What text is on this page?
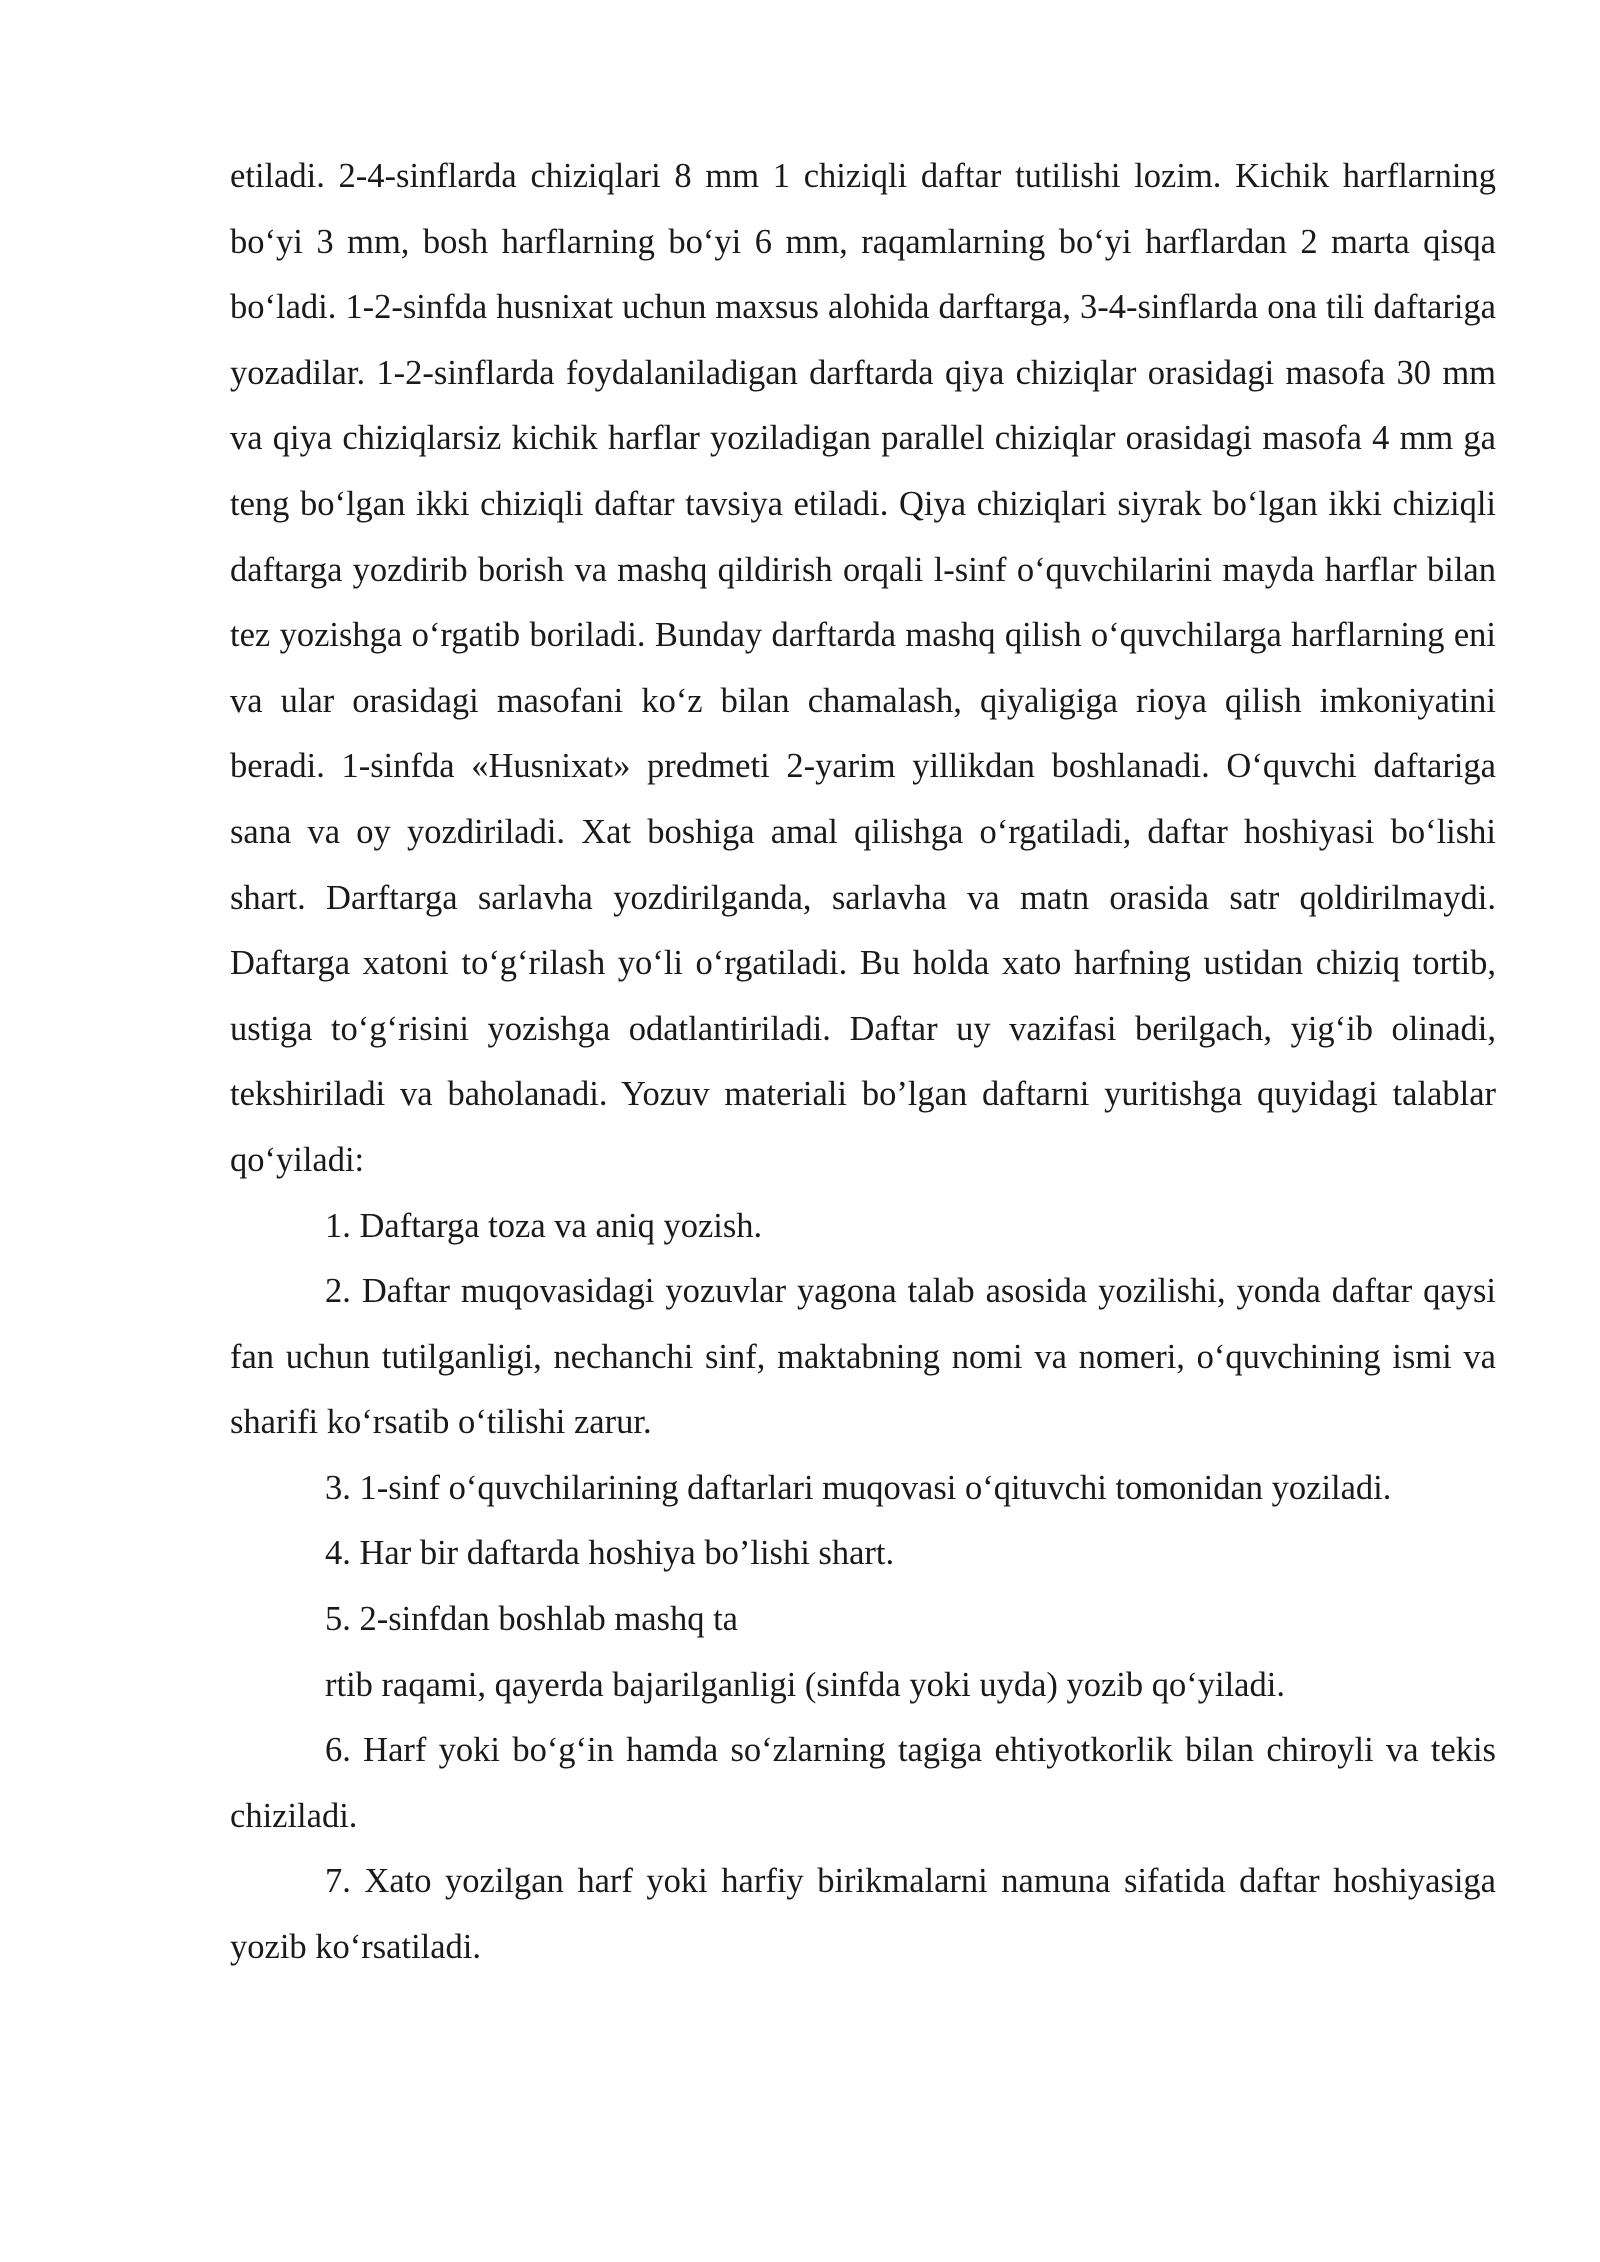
etiladi. 2-4-sinflarda chiziqlari 8 mm 1 chiziqli daftar tutilishi lozim. Kichik harflarning bo‘yi 3 mm, bosh harflarning bo‘yi 6 mm, raqamlarning bo‘yi harflardan 2 marta qisqa bo‘ladi. 1-2-sinfda husnixat uchun maxsus alohida darftarga, 3-4-sinflarda ona tili daftariga yozadilar. 1-2-sinflarda foydalaniladigan darftarda qiya chiziqlar orasidagi masofa 30 mm va qiya chiziqlarsiz kichik harflar yoziladigan parallel chiziqlar orasidagi masofa 4 mm ga teng bo‘lgan ikki chiziqli daftar tavsiya etiladi. Qiya chiziqlari siyrak bo‘lgan ikki chiziqli daftarga yozdirib borish va mashq qildirish orqali l-sinf o‘quvchilarini mayda harflar bilan tez yozishga o‘rgatib boriladi. Bunday darftarda mashq qilish o‘quvchilarga harflarning eni va ular orasidagi masofani ko‘z bilan chamalash, qiyaligiga rioya qilish imkoniyatini beradi. 1-sinfda «Husnixat» predmeti 2-yarim yillikdan boshlanadi. O‘quvchi daftariga sana va oy yozdiriladi. Xat boshiga amal qilishga o‘rgatiladi, daftar hoshiyasi bo‘lishi shart. Darftarga sarlavha yozdirilganda, sarlavha va matn orasida satr qoldirilmaydi. Daftarga xatoni to‘g‘rilash yo‘li o‘rgatiladi. Bu holda xato harfning ustidan chiziq tortib, ustiga to‘g‘risini yozishga odatlantiriladi. Daftar uy vazifasi berilgach, yig‘ib olinadi, tekshiriladi va baholanadi. Yozuv materiali bo’lgan daftarni yuritishga quyidagi talablar qo‘yiladi:

1. Daftarga toza va aniq yozish.

2. Daftar muqovasidagi yozuvlar yagona talab asosida yozilishi, yonda daftar qaysi fan uchun tutilganligi, nechanchi sinf, maktabning nomi va nomeri, o‘quvchining ismi va sharifi ko‘rsatib o‘tilishi zarur.

3. 1-sinf o‘quvchilarining daftarlari muqovasi o‘qituvchi tomonidan yoziladi.

4. Har bir daftarda hoshiya bo’lishi shart.

5. 2-sinfdan boshlab mashq ta

rtib raqami, qayerda bajarilganligi (sinfda yoki uyda) yozib qo‘yiladi.

6. Harf yoki bo‘g‘in hamda so‘zlarning tagiga ehtiyotkorlik bilan chiroyli va tekis chiziladi.

7. Xato yozilgan harf yoki harfiy birikmalarni namuna sifatida daftar hoshiyasiga yozib ko‘rsatiladi.
